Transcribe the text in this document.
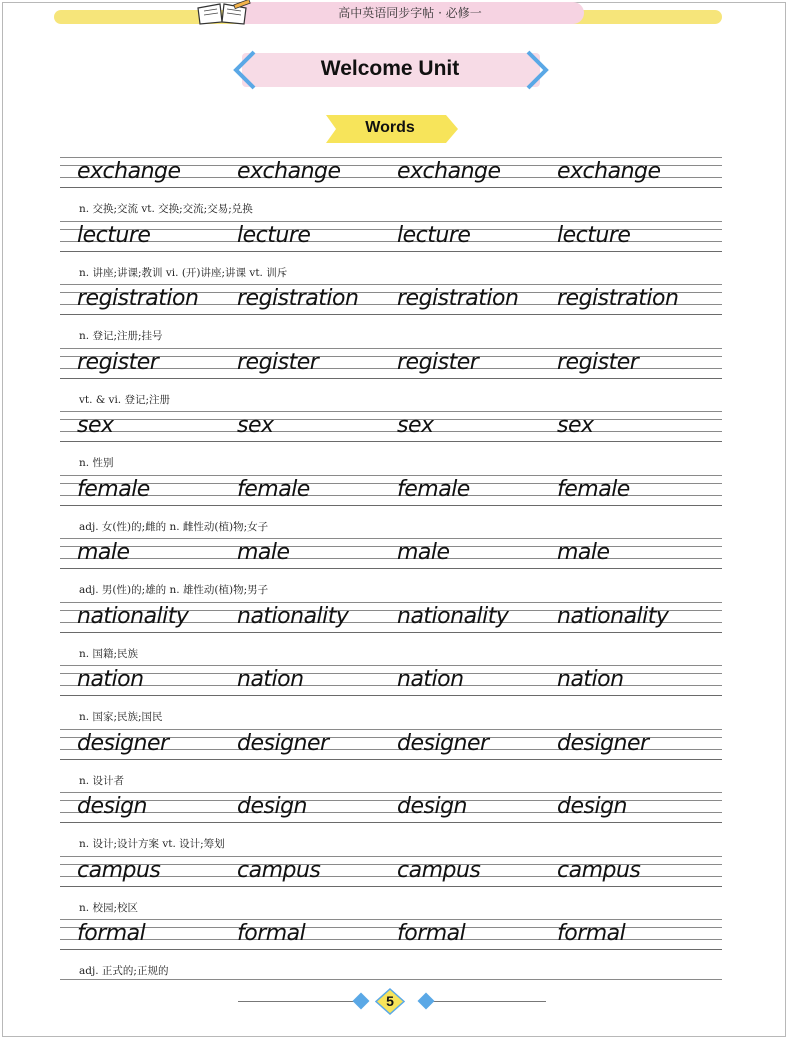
高中英语同步字帖 · 必修一
Welcome Unit
Words
exchange	exchange	exchange	exchange
n. 交换;交流 vt. 交换;交流;交易;兑换
lecture	lecture	lecture	lecture
n. 讲座;讲课;教训 vi. (开)讲座;讲课 vt. 训斥
registration registration registration registration
n. 登记;注册;挂号
register	register	register	register
vt. & vi. 登记;注册
sex	sex	sex	sex
n. 性别
female	female	female	female
adj. 女(性)的;雌的 n. 雌性动(植)物;女子
male	male	male	male
adj. 男(性)的;雄的 n. 雄性动(植)物;男子
nationality nationality nationality nationality
n. 国籍;民族
nation	nation	nation	nation
n. 国家;民族;国民
designer	designer	designer	designer
n. 设计者
design	design	design	design
n. 设计;设计方案 vt. 设计;筹划
campus	campus	campus	campus
n. 校园;校区
formal	formal	formal	formal
adj. 正式的;正规的
5
